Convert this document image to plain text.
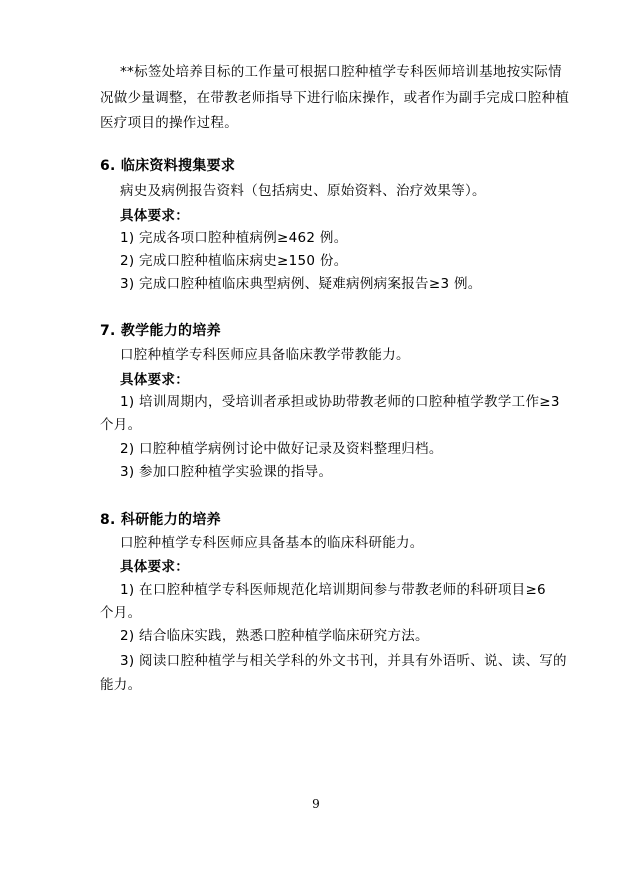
**标签处培养目标的工作量可根据口腔种植学专科医师培训基地按实际情
况做少量调整，在带教老师指导下进行临床操作，或者作为副手完成口腔种植
医疗项目的操作过程。
6. 临床资料搜集要求
病史及病例报告资料（包括病史、原始资料、治疗效果等）。
具体要求：
1) 完成各项口腔种植病例≥462 例。
2) 完成口腔种植临床病史≥150 份。
3) 完成口腔种植临床典型病例、疑难病例病案报告≥3 例。
7. 教学能力的培养
口腔种植学专科医师应具备临床教学带教能力。
具体要求：
1) 培训周期内，受培训者承担或协助带教老师的口腔种植学教学工作≥3
个月。
2) 口腔种植学病例讨论中做好记录及资料整理归档。
3) 参加口腔种植学实验课的指导。
8. 科研能力的培养
口腔种植学专科医师应具备基本的临床科研能力。
具体要求：
1) 在口腔种植学专科医师规范化培训期间参与带教老师的科研项目≥6
个月。
2) 结合临床实践，熟悉口腔种植学临床研究方法。
3) 阅读口腔种植学与相关学科的外文书刊，并具有外语听、说、读、写的
能力。
9
